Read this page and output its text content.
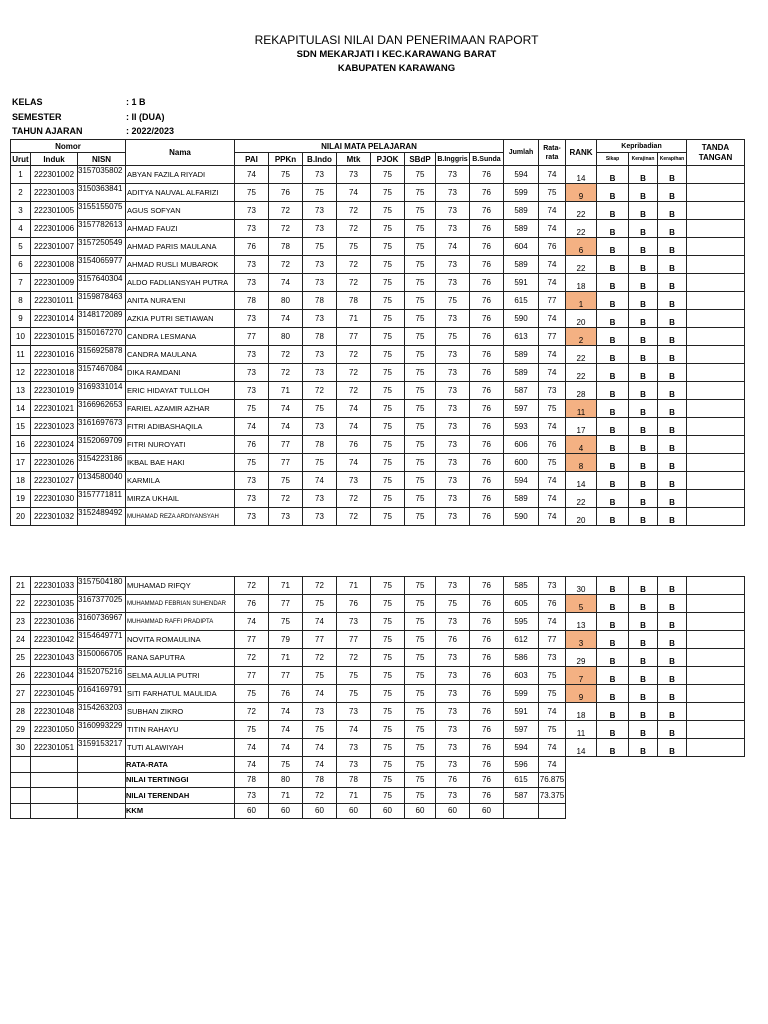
REKAPITULASI NILAI DAN PENERIMAAN RAPORT
SDN MEKARJATI I KEC.KARAWANG BARAT
KABUPATEN KARAWANG
KELAS	: 1 B
SEMESTER	: II (DUA)
TAHUN AJARAN	: 2022/2023
Nomor			Nama	NILAI MATA PELAJARAN								Jumlah	Rata-rata	RANK	Kepribadian			TANDA TANGAN
Urut	Induk	NISN		PAI	PPKn	B.Indo	Mtk	PJOK	SBdP	B.Inggris	B.Sunda				Sikap	Kerajinan	Kerapihan	
1	222301002	3157035802	ABYAN FAZILA RIYADI	74	75	73	73	75	75	73	76	594	74	14	B	B	B	
2	222301003	3150363841	ADITYA NAUVAL ALFARIZI	75	76	75	74	75	75	73	76	599	75	9	B	B	B	
3	222301005	3155155075	AGUS SOFYAN	73	72	73	72	75	75	73	76	589	74	22	B	B	B	
4	222301006	3157782613	AHMAD FAUZI	73	72	73	72	75	75	73	76	589	74	22	B	B	B	
5	222301007	3157250549	AHMAD PARIS MAULANA	76	78	75	75	75	75	74	76	604	76	6	B	B	B	
6	222301008	3154065977	AHMAD RUSLI MUBAROK	73	72	73	72	75	75	73	76	589	74	22	B	B	B	
7	222301009	3157640304	ALDO FADLIANSYAH PUTRA	73	74	73	72	75	75	73	76	591	74	18	B	B	B	
8	222301011	3159878463	ANITA NURA'ENI	78	80	78	78	75	75	75	76	615	77	1	B	B	B	
9	222301014	3148172089	AZKIA PUTRI SETIAWAN	73	74	73	71	75	75	73	76	590	74	20	B	B	B	
10	222301015	3150167270	CANDRA LESMANA	77	80	78	77	75	75	75	76	613	77	2	B	B	B	
11	222301016	3156925878	CANDRA MAULANA	73	72	73	72	75	75	73	76	589	74	22	B	B	B	
12	222301018	3157467084	DIKA RAMDANI	73	72	73	72	75	75	73	76	589	74	22	B	B	B	
13	222301019	3169331014	ERIC HIDAYAT TULLOH	73	71	72	72	75	75	73	76	587	73	28	B	B	B	
14	222301021	3166962653	FARIEL AZAMIR AZHAR	75	74	75	74	75	75	73	76	597	75	11	B	B	B	
15	222301023	3161697673	FITRI ADIBASHAQILA	74	74	73	74	75	75	73	76	593	74	17	B	B	B	
16	222301024	3152069709	FITRI NUROYATI	76	77	78	76	75	75	73	76	606	76	4	B	B	B	
17	222301026	3154223186	IKBAL BAE HAKI	75	77	75	74	75	75	73	76	600	75	8	B	B	B	
18	222301027	0134580040	KARMILA	73	75	74	73	75	75	73	76	594	74	14	B	B	B	
19	222301030	3157771811	MIRZA UKHAIL	73	72	73	72	75	75	73	76	589	74	22	B	B	B	
20	222301032	3152489492	MUHAMAD REZA ARDIYANSYAH	73	73	73	72	75	75	73	76	590	74	20	B	B	B	
21	222301033	3157504180	MUHAMAD RIFQY	72	71	72	71	75	75	73	76	585	73	30	B	B	B	
22	222301035	3167377025	MUHAMMAD FEBRIAN SUHENDAR	76	77	75	76	75	75	75	76	605	76	5	B	B	B	
23	222301036	3160736967	MUHAMMAD RAFFI PRADIPTA	74	75	74	73	75	75	73	76	595	74	13	B	B	B	
24	222301042	3154649771	NOVITA ROMAULINA	77	79	77	77	75	75	76	76	612	77	3	B	B	B	
25	222301043	3150066705	RANA SAPUTRA	72	71	72	72	75	75	73	76	586	73	29	B	B	B	
26	222301044	3152075216	SELMA AULIA PUTRI	77	77	75	75	75	75	73	76	603	75	7	B	B	B	
27	222301045	0164169791	SITI FARHATUL MAULIDA	75	76	74	75	75	75	73	76	599	75	9	B	B	B	
28	222301048	3154263203	SUBHAN ZIKRO	72	74	73	73	75	75	73	76	591	74	18	B	B	B	
29	222301050	3160993229	TITIN RAHAYU	75	74	75	74	75	75	73	76	597	75	11	B	B	B	
30	222301051	3159153217	TUTI ALAWIYAH	74	74	74	73	75	75	73	76	594	74	14	B	B	B	
			RATA-RATA	74	75	74	73	75	75	73	76	596	74					
			NILAI TERTINGGI	78	80	78	78	75	75	76	76	615	76.875					
			NILAI TERENDAH	73	71	72	71	75	75	73	76	587	73.375					
			KKM	60	60	60	60	60	60	60	60							
